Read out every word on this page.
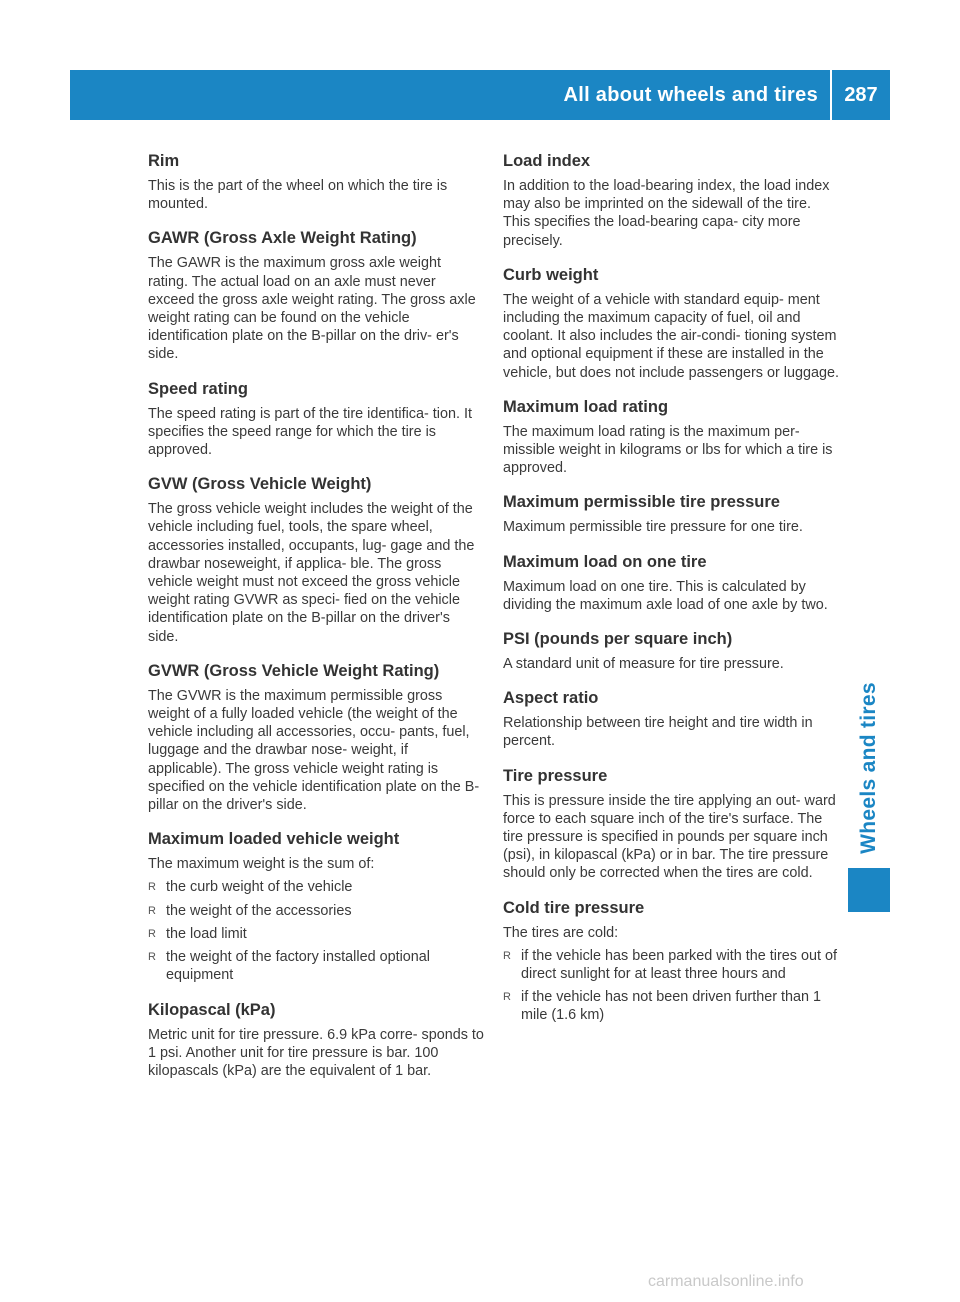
All about wheels and tires	287
Wheels and tires
Rim

This is the part of the wheel on which the tire is mounted.

GAWR (Gross Axle Weight Rating)

The GAWR is the maximum gross axle weight rating. The actual load on an axle must never exceed the gross axle weight rating. The gross axle weight rating can be found on the vehicle identification plate on the B-pillar on the driv- er's side.

Speed rating

The speed rating is part of the tire identifica- tion. It specifies the speed range for which the tire is approved.

GVW (Gross Vehicle Weight)

The gross vehicle weight includes the weight of the vehicle including fuel, tools, the spare wheel, accessories installed, occupants, lug- gage and the drawbar noseweight, if applica- ble. The gross vehicle weight must not exceed the gross vehicle weight rating GVWR as speci- fied on the vehicle identification plate on the B-pillar on the driver's side.

GVWR (Gross Vehicle Weight Rating)

The GVWR is the maximum permissible gross weight of a fully loaded vehicle (the weight of the vehicle including all accessories, occu- pants, fuel, luggage and the drawbar nose- weight, if applicable). The gross vehicle weight rating is specified on the vehicle identification plate on the B-pillar on the driver's side.

Maximum loaded vehicle weight

The maximum weight is the sum of:

R the curb weight of the vehicle
R the weight of the accessories
R the load limit
R the weight of the factory installed optional equipment
Kilopascal (kPa)

Metric unit for tire pressure. 6.9 kPa corre- sponds to 1 psi. Another unit for tire pressure is bar. 100 kilopascals (kPa) are the equivalent of 1 bar.

Load index

In addition to the load-bearing index, the load index may also be imprinted on the sidewall of the tire. This specifies the load-bearing capa- city more precisely.

Curb weight

The weight of a vehicle with standard equip- ment including the maximum capacity of fuel, oil and coolant. It also includes the air-condi- tioning system and optional equipment if these are installed in the vehicle, but does not include passengers or luggage.

Maximum load rating

The maximum load rating is the maximum per- missible weight in kilograms or lbs for which a tire is approved.

Maximum permissible tire pressure

Maximum permissible tire pressure for one tire.

Maximum load on one tire

Maximum load on one tire. This is calculated by dividing the maximum axle load of one axle by two.

PSI (pounds per square inch)

A standard unit of measure for tire pressure.

Aspect ratio

Relationship between tire height and tire width in percent.

Tire pressure

This is pressure inside the tire applying an out- ward force to each square inch of the tire's surface. The tire pressure is specified in pounds per square inch (psi), in kilopascal (kPa) or in bar. The tire pressure should only be corrected when the tires are cold.

Cold tire pressure

The tires are cold:

R if the vehicle has been parked with the tires out of direct sunlight for at least three hours and
R if the vehicle has not been driven further than 1 mile (1.6 km)
carmanualsonline.info
